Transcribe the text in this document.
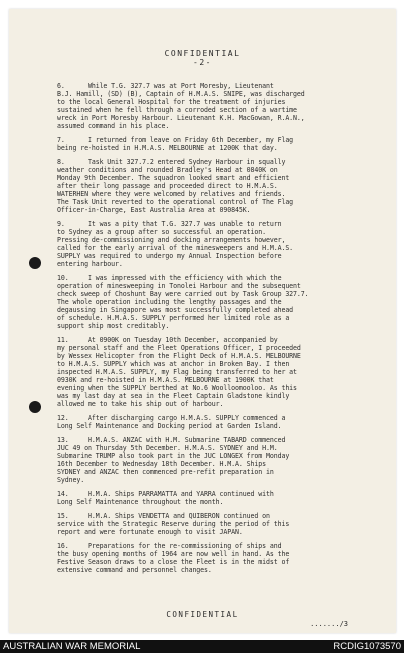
CONFIDENTIAL
-2-
6.      While T.G. 327.7 was at Port Moresby, Lieutenant
B.J. Hamill, (SD) (B), Captain of H.M.A.S. SNIPE, was discharged
to the local General Hospital for the treatment of injuries
sustained when he fell through a corroded section of a wartime
wreck in Port Moresby Harbour. Lieutenant K.H. MacGowan, R.A.N.,
assumed command in his place.
7.      I returned from leave on Friday 6th December, my Flag
being re-hoisted in H.M.A.S. MELBOURNE at 1200K that day.
8.      Task Unit 327.7.2 entered Sydney Harbour in squally
weather conditions and rounded Bradley's Head at 0840K on
Monday 9th December. The squadron looked smart and efficient
after their long passage and proceeded direct to H.M.A.S.
WATERHEN where they were welcomed by relatives and friends.
The Task Unit reverted to the operational control of The Flag
Officer-in-Charge, East Australia Area at 090845K.
9.      It was a pity that T.G. 327.7 was unable to return
to Sydney as a group after so successful an operation.
Pressing de-commissioning and docking arrangements however,
called for the early arrival of the minesweepers and H.M.A.S.
SUPPLY was required to undergo my Annual Inspection before
entering harbour.
10.     I was impressed with the efficiency with which the
operation of minesweeping in Tonolei Harbour and the subsequent
check sweep of Choshunt Bay were carried out by Task Group 327.7.
The whole operation including the lengthy passages and the
degaussing in Singapore was most successfully completed ahead
of schedule. H.M.A.S. SUPPLY performed her limited role as a
support ship most creditably.
11.     At 0900K on Tuesday 10th December, accompanied by
my personal staff and the Fleet Operations Officer, I proceeded
by Wessex Helicopter from the Flight Deck of H.M.A.S. MELBOURNE
to H.M.A.S. SUPPLY which was at anchor in Broken Bay. I then
inspected H.M.A.S. SUPPLY, my Flag being transferred to her at
0930K and re-hoisted in H.M.A.S. MELBOURNE at 1900K that
evening when the SUPPLY berthed at No.6 Woolloomooloo. As this
was my last day at sea in the Fleet Captain Gladstone kindly
allowed me to take his ship out of harbour.
12.     After discharging cargo H.M.A.S. SUPPLY commenced a
Long Self Maintenance and Docking period at Garden Island.
13.     H.M.A.S. ANZAC with H.M. Submarine TABARD commenced
JUC 49 on Thursday 5th December. H.M.A.S. SYDNEY and H.M.
Submarine TRUMP also took part in the JUC LONGEX from Monday
16th December to Wednesday 18th December. H.M.A. Ships
SYDNEY and ANZAC then commenced pre-refit preparation in
Sydney.
14.     H.M.A. Ships PARRAMATTA and YARRA continued with
Long Self Maintenance throughout the month.
15.     H.M.A. Ships VENDETTA and QUIBERON continued on
service with the Strategic Reserve during the period of this
report and were fortunate enough to visit JAPAN.
16.     Preparations for the re-commissioning of ships and
the busy opening months of 1964 are now well in hand. As the
Festive Season draws to a close the Fleet is in the midst of
extensive command and personnel changes.
CONFIDENTIAL
......./3
AUSTRALIAN WAR MEMORIAL	RCDIG1073570
